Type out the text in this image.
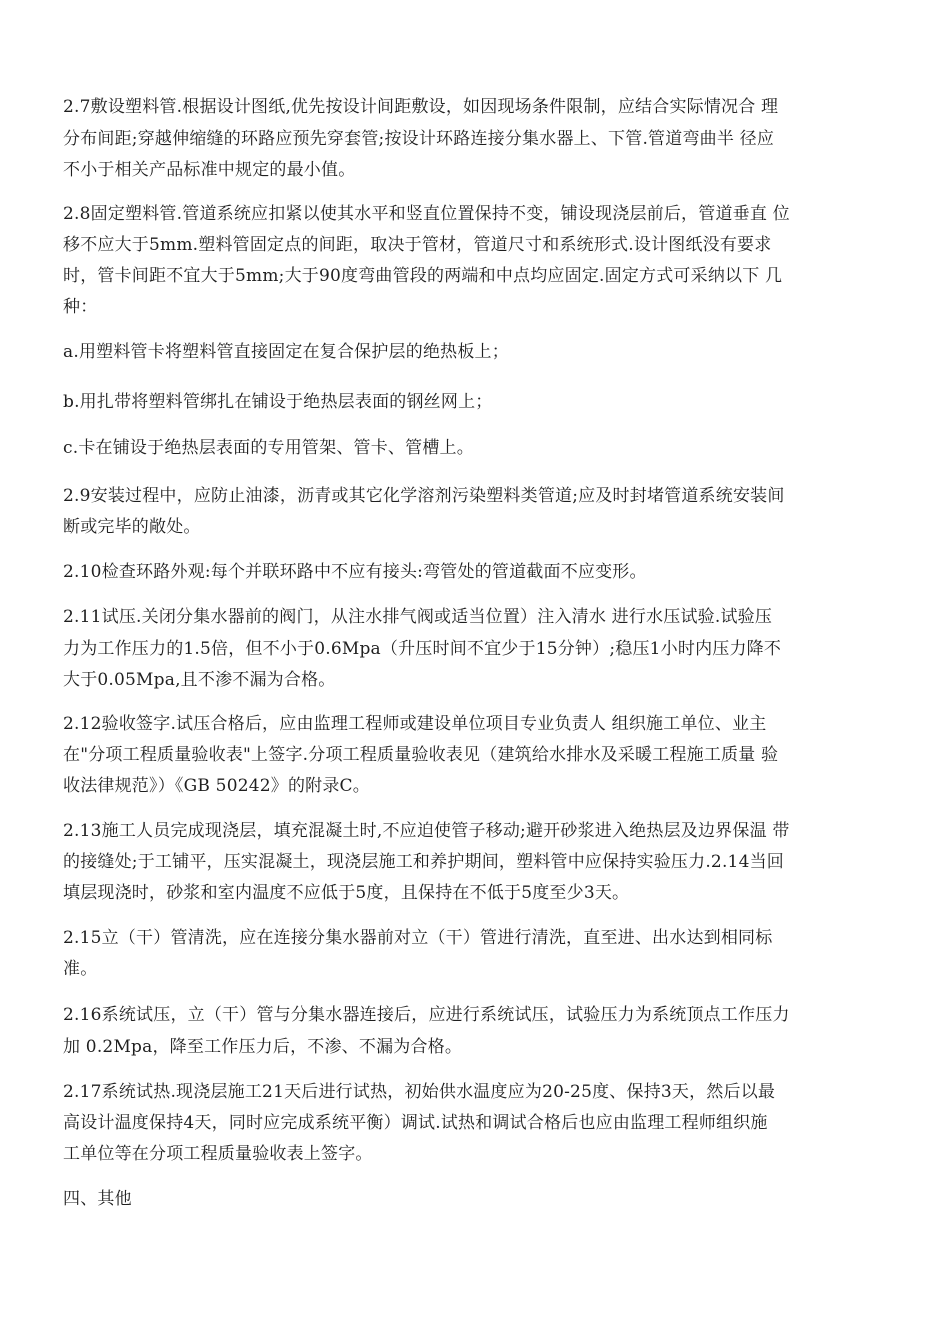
2.7敷设塑料管.根据设计图纸,优先按设计间距敷设，如因现场条件限制，应结合实际情况合 理
分布间距;穿越伸缩缝的环路应预先穿套管;按设计环路连接分集水器上、下管.管道弯曲半 径应
不小于相关产品标准中规定的最小值。
2.8固定塑料管.管道系统应扣紧以使其水平和竖直位置保持不变，铺设现浇层前后，管道垂直 位
移不应大于5mm.塑料管固定点的间距，取决于管材，管道尺寸和系统形式.设计图纸没有要求
时，管卡间距不宜大于5mm;大于90度弯曲管段的两端和中点均应固定.固定方式可采纳以下 几
种：
a.用塑料管卡将塑料管直接固定在复合保护层的绝热板上；
b.用扎带将塑料管绑扎在铺设于绝热层表面的钢丝网上；
c.卡在铺设于绝热层表面的专用管架、管卡、管槽上。
2.9安装过程中，应防止油漆，沥青或其它化学溶剂污染塑料类管道;应及时封堵管道系统安装间
断或完毕的敞处。
2.10检查环路外观:每个并联环路中不应有接头:弯管处的管道截面不应变形。
2.11试压.关闭分集水器前的阀门，从注水排气阀或适当位置）注入清水 进行水压试验.试验压
力为工作压力的1.5倍，但不小于0.6Mpa（升压时间不宜少于15分钟）;稳压1小时内压力降不
大于0.05Mpa,且不渗不漏为合格。
2.12验收签字.试压合格后，应由监理工程师或建设单位项目专业负责人 组织施工单位、业主
在"分项工程质量验收表"上签字.分项工程质量验收表见（建筑给水排水及采暖工程施工质量 验
收法律规范》）《GB 50242》的附录C。
2.13施工人员完成现浇层，填充混凝土时,不应迫使管子移动;避开砂浆进入绝热层及边界保温 带
的接缝处;于工铺平，压实混凝土，现浇层施工和养护期间，塑料管中应保持实验压力.2.14当回
填层现浇时，砂浆和室内温度不应低于5度，且保持在不低于5度至少3天。
2.15立（干）管清洗，应在连接分集水器前对立（干）管进行清洗，直至进、出水达到相同标
准。
2.16系统试压，立（干）管与分集水器连接后，应进行系统试压，试验压力为系统顶点工作压力
加 0.2Mpa，降至工作压力后，不渗、不漏为合格。
2.17系统试热.现浇层施工21天后进行试热，初始供水温度应为20-25度、保持3天，然后以最
高设计温度保持4天，同时应完成系统平衡）调试.试热和调试合格后也应由监理工程师组织施
工单位等在分项工程质量验收表上签字。
四、其他
